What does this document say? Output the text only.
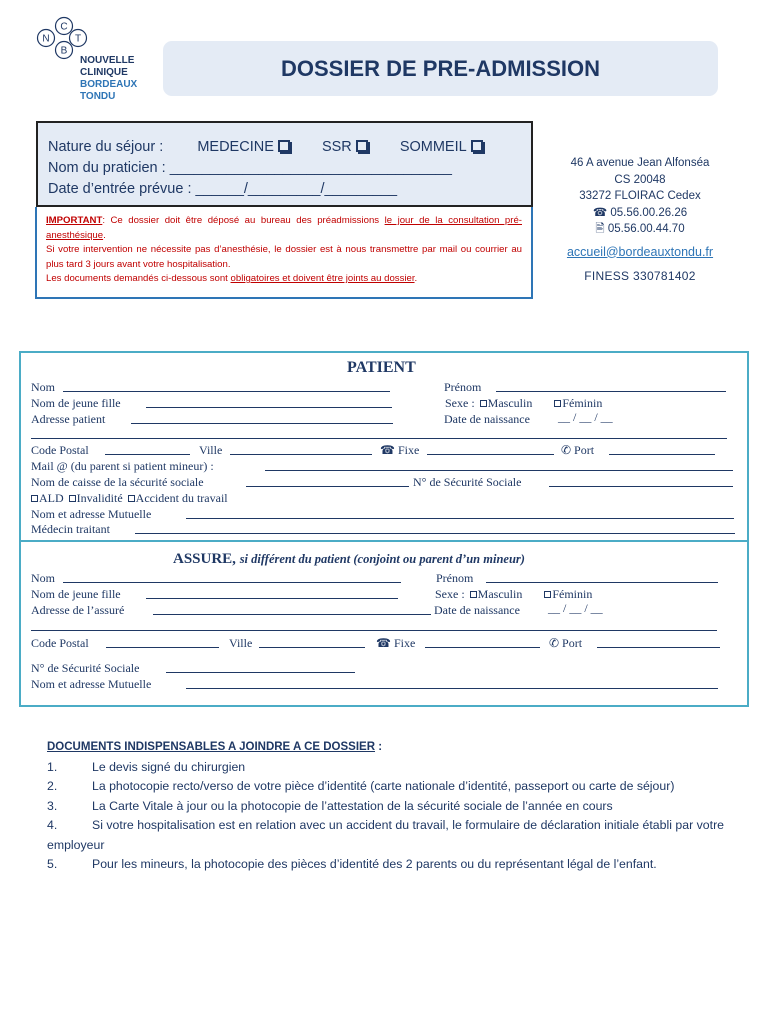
C
N
B
T
NOUVELLE
CLINIQUE
BORDEAUX
TONDU
DOSSIER DE PRE-ADMISSION
Nature du séjour : MEDECINE	SSR	SOMMEIL
Nom du praticien : ___________________________________
Date d’entrée prévue : ______/_________/_________
IMPORTANT: Ce dossier doit être déposé au bureau des préadmissions le jour de la consultation pré-anesthésique.
Si votre intervention ne nécessite pas d’anesthésie, le dossier est à nous transmettre par mail ou courrier au plus tard 3 jours avant votre hospitalisation.
Les documents demandés ci-dessous sont obligatoires et doivent être joints au dossier.
46 A avenue Jean Alfonséa
CS 20048
33272 FLOIRAC Cedex
☎ 05.56.00.26.26
🖹 05.56.00.44.70
accueil@bordeauxtondu.fr
FINESS 330781402
PATIENT
Nom	Prénom
Nom de jeune fille	Sexe : Masculin	Féminin
Adresse patient	Date de naissance __ / __ / __
Code Postal	Ville	☎ Fixe	✆ Port
Mail @ (du parent si patient mineur) :
Nom de caisse de la sécurité sociale	N° de Sécurité Sociale
ALD Invalidité Accident du travail
Nom et adresse Mutuelle
Médecin traitant
ASSURE, si différent du patient (conjoint ou parent d’un mineur)
Nom	Prénom
Nom de jeune fille	Sexe : Masculin	Féminin
Adresse de l’assuré	Date de naissance __ / __ / __
Code Postal	Ville	☎ Fixe	✆ Port
N° de Sécurité Sociale
Nom et adresse Mutuelle
DOCUMENTS INDISPENSABLES A JOINDRE A CE DOSSIER :

1.	Le devis signé du chirurgien

2.	La photocopie recto/verso de votre pièce d’identité (carte nationale d’identité, passeport ou carte de séjour)

3.	La Carte Vitale à jour ou la photocopie de l’attestation de la sécurité sociale de l’année en cours

4.	Si votre hospitalisation est en relation avec un accident du travail, le formulaire de déclaration initiale établi par votre employeur

5.	Pour les mineurs, la photocopie des pièces d’identité des 2 parents ou du représentant légal de l’enfant.
